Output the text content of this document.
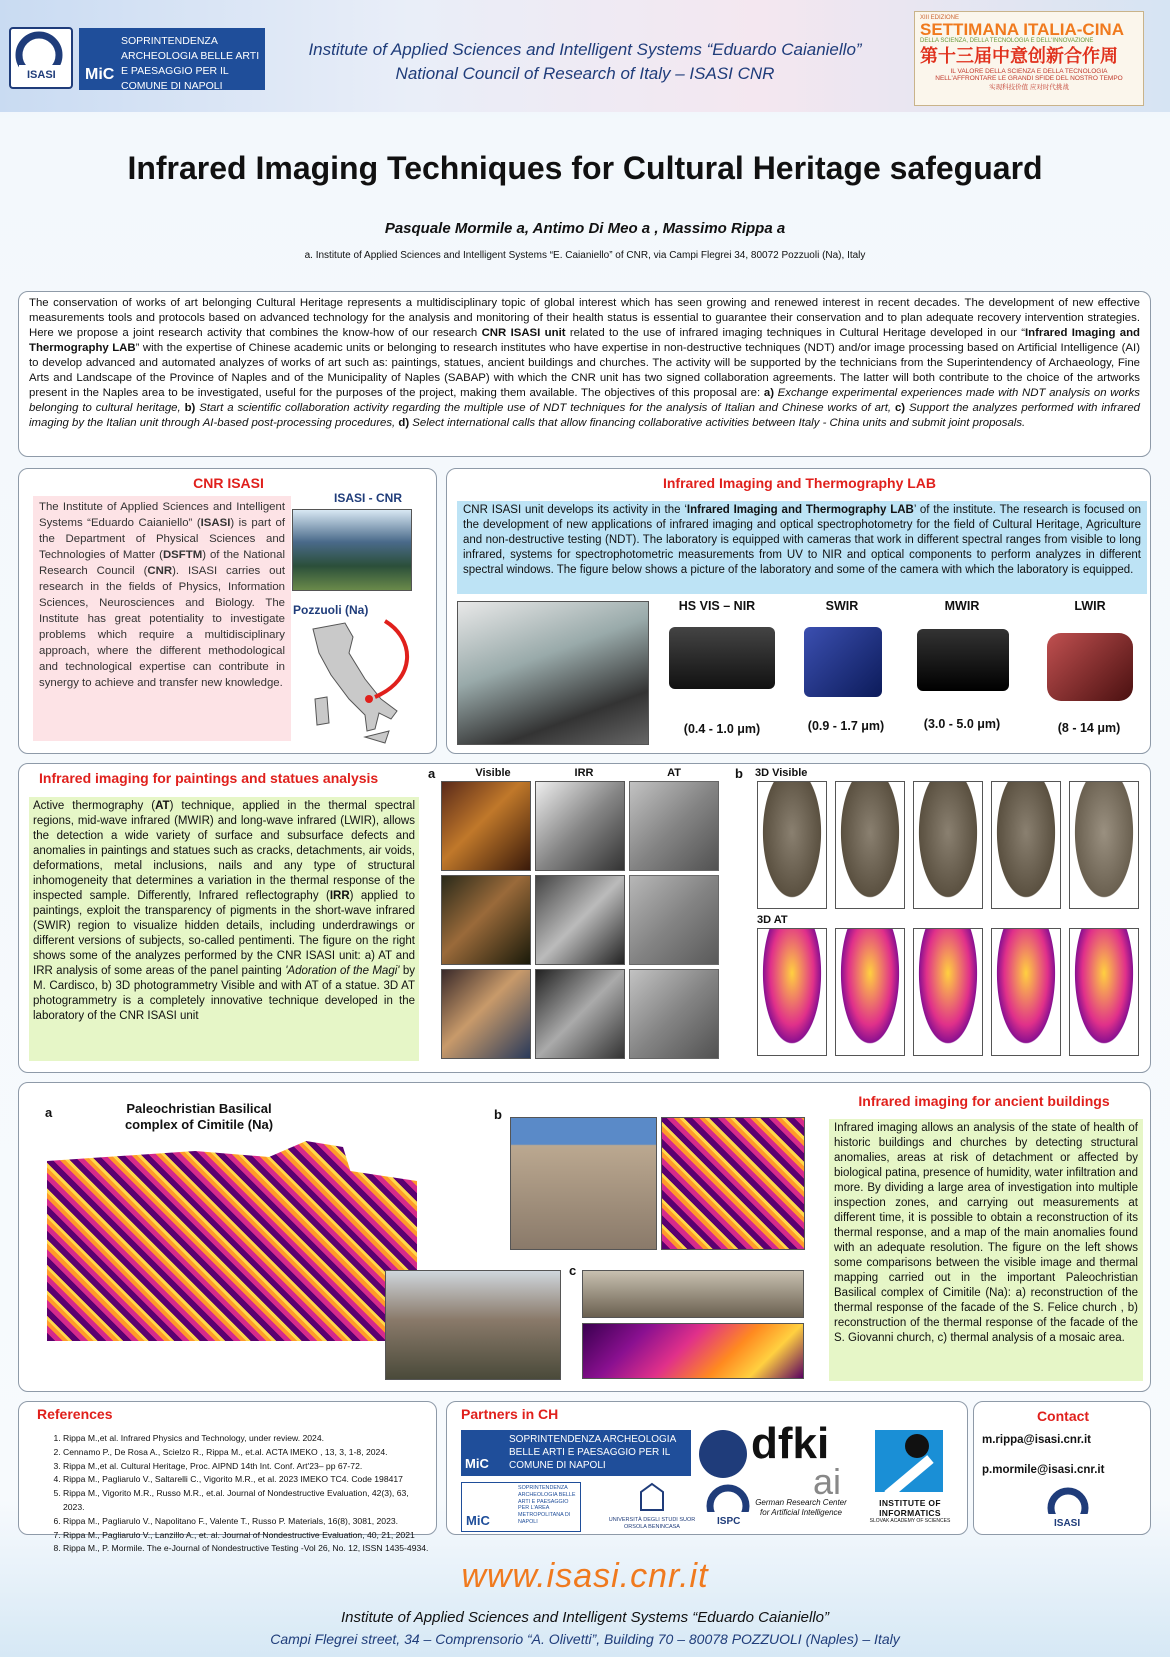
ISASI MiC
SOPRINTENDENZA ARCHEOLOGIA BELLE ARTI E PAESAGGIO PER IL COMUNE DI NAPOLI
Institute of Applied Sciences and Intelligent Systems “Eduardo Caianiello”
National Council of Research of Italy – ISASI CNR
XIII EDIZIONE
SETTIMANA ITALIA-CINA
DELLA SCIENZA, DELLA TECNOLOGIA E DELL'INNOVAZIONE
第十三届中意创新合作周
IL VALORE DELLA SCIENZA E DELLA TECNOLOGIA
NELL'AFFRONTARE LE GRANDI SFIDE DEL NOSTRO TEMPO
实现科技价值 应对时代挑战
Infrared Imaging Techniques for Cultural Heritage safeguard
Pasquale Mormile a, Antimo Di Meo a , Massimo Rippa a
a. Institute of Applied Sciences and Intelligent Systems “E. Caianiello” of CNR, via Campi Flegrei 34, 80072 Pozzuoli (Na), Italy
The conservation of works of art belonging Cultural Heritage represents a multidisciplinary topic of global interest which has seen growing and renewed interest in recent decades. The development of new effective measurements tools and protocols based on advanced technology for the analysis and monitoring of their health status is essential to guarantee their conservation and to plan adequate recovery intervention strategies. Here we propose a joint research activity that combines the know-how of our research CNR ISASI unit related to the use of infrared imaging techniques in Cultural Heritage developed in our “Infrared Imaging and Thermography LAB” with the expertise of Chinese academic units or belonging to research institutes who have expertise in non-destructive techniques (NDT) and/or image processing based on Artificial Intelligence (AI) to develop advanced and automated analyzes of works of art such as: paintings, statues, ancient buildings and churches. The activity will be supported by the technicians from the Superintendency of Archaeology, Fine Arts and Landscape of the Province of Naples and of the Municipality of Naples (SABAP) with which the CNR unit has two signed collaboration agreements. The latter will both contribute to the choice of the artworks present in the Naples area to be investigated, useful for the purposes of the project, making them available. The objectives of this proposal are: a) Exchange experimental experiences made with NDT analysis on works belonging to cultural heritage, b) Start a scientific collaboration activity regarding the multiple use of NDT techniques for the analysis of Italian and Chinese works of art, c) Support the analyzes performed with infrared imaging by the Italian unit through AI-based post-processing procedures, d) Select international calls that allow financing collaborative activities between Italy - China units and submit joint proposals.
CNR ISASI
The Institute of Applied Sciences and Intelligent Systems “Eduardo Caianiello” (ISASI) is part of the Department of Physical Sciences and Technologies of Matter (DSFTM) of the National Research Council (CNR). ISASI carries out research in the fields of Physics, Information Sciences, Neurosciences and Biology. The Institute has great potentiality to investigate problems which require a multidisciplinary approach, where the different methodological and technological expertise can contribute in synergy to achieve and transfer new knowledge.
ISASI - CNR
Pozzuoli (Na)
Infrared Imaging and Thermography LAB
CNR ISASI unit develops its activity in the ‘Infrared Imaging and Thermography LAB’ of the institute. The research is focused on the development of new applications of infrared imaging and optical spectrophotometry for the field of Cultural Heritage, Agriculture and non-destructive testing (NDT). The laboratory is equipped with cameras that work in different spectral ranges from visible to long infrared, systems for spectrophotometric measurements from UV to NIR and optical components to perform analyzes in different spectral windows. The figure below shows a picture of the laboratory and some of the camera with which the laboratory is equipped.
HS VIS – NIR
(0.4 - 1.0 μm)
SWIR
(0.9 - 1.7 μm)
MWIR
(3.0 - 5.0 μm)
LWIR
(8 - 14 μm)
Infrared imaging for paintings and statues analysis
Active thermography (AT) technique, applied in the thermal spectral regions, mid-wave infrared (MWIR) and long-wave infrared (LWIR), allows the detection a wide variety of surface and subsurface defects and anomalies in paintings and statues such as cracks, detachments, air voids, deformations, metal inclusions, nails and any type of structural inhomogeneity that determines a variation in the thermal response of the inspected sample. Differently, Infrared reflectography (IRR) applied to paintings, exploit the transparency of pigments in the short-wave infrared (SWIR) region to visualize hidden details, including underdrawings or different versions of subjects, so-called pentimenti. The figure on the right shows some of the analyzes performed by the CNR ISASI unit: a) AT and IRR analysis of some areas of the panel painting 'Adoration of the Magi' by M. Cardisco, b) 3D photogrammetry Visible and with AT of a statue. 3D AT photogrammetry is a completely innovative technique developed in the laboratory of the CNR ISASI unit
a	Visible	IRR	AT	b 3D Visible
3D AT
a	Paleochristian Basilical complex of Cimitile (Na)
b
c
Infrared imaging for ancient buildings
Infrared imaging allows an analysis of the state of health of historic buildings and churches by detecting structural anomalies, areas at risk of detachment or affected by biological patina, presence of humidity, water infiltration and more. By dividing a large area of investigation into multiple inspection zones, and carrying out measurements at different time, it is possible to obtain a reconstruction of its thermal response, and a map of the main anomalies found with an adequate resolution. The figure on the left shows some comparisons between the visible image and thermal mapping carried out in the important Paleochristian Basilical complex of Cimitile (Na): a) reconstruction of the thermal response of the facade of the S. Felice church , b) reconstruction of the thermal response of the facade of the S. Giovanni church, c) thermal analysis of a mosaic area.
References
1. Rippa M.,et al. Infrared Physics and Technology, under review. 2024.
2. Cennamo P., De Rosa A., Scielzo R., Rippa M., et.al. ACTA IMEKO , 13, 3, 1-8, 2024.
3. Rippa M.,et al. Cultural Heritage, Proc. AIPND 14th Int. Conf. Art'23– pp 67-72.
4. Rippa M., Pagliarulo V., Saltarelli C., Vigorito M.R., et al. 2023 IMEKO TC4. Code 198417
5. Rippa M., Vigorito M.R., Russo M.R., et.al. Journal of Nondestructive Evaluation, 42(3), 63, 2023.
6. Rippa M., Pagliarulo V., Napolitano F., Valente T., Russo P. Materials, 16(8), 3081, 2023.
7. Rippa M., Pagliarulo V., Lanzillo A., et. al. Journal of Nondestructive Evaluation, 40, 21, 2021
8. Rippa M., P. Mormile. The e-Journal of Nondestructive Testing -Vol 26, No. 12, ISSN 1435-4934.
Partners in CH
MiC
SOPRINTENDENZA ARCHEOLOGIA BELLE ARTI E PAESAGGIO PER IL COMUNE DI NAPOLI
MiC
SOPRINTENDENZA ARCHEOLOGIA BELLE ARTI E PAESAGGIO PER L'AREA METROPOLITANA DI NAPOLI	UNIVERSITÀ DEGLI STUDI SUOR ORSOLA BENINCASA	ISPC
dfki
ai
German Research Center for Artificial Intelligence
INSTITUTE OF INFORMATICS
SLOVAK ACADEMY OF SCIENCES
Contact
m.rippa@isasi.cnr.it
p.mormile@isasi.cnr.it
ISASI
www.isasi.cnr.it
Institute of Applied Sciences and Intelligent Systems “Eduardo Caianiello”
Campi Flegrei street, 34 – Comprensorio “A. Olivetti”, Building 70 – 80078 POZZUOLI (Naples) – Italy
